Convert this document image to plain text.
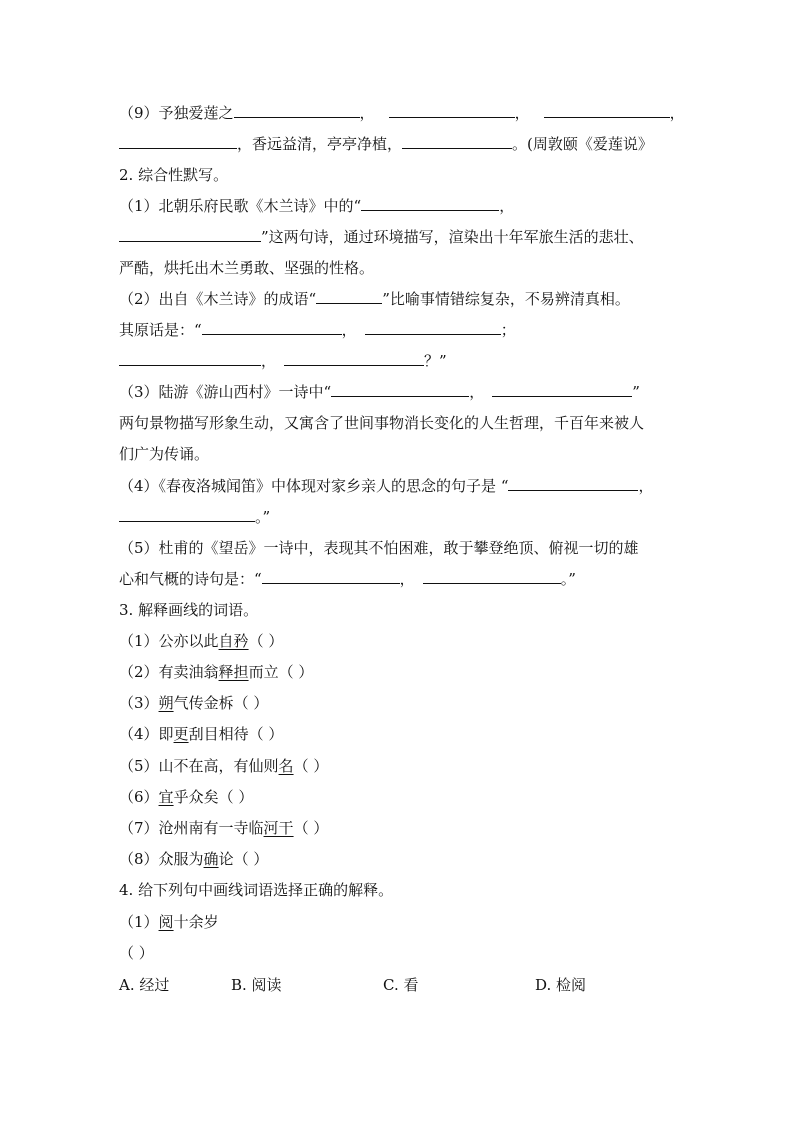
（9）予独爱莲之	，	，	，
，香远益清，亭亭净植，	。(周敦颐《爱莲说》
2. 综合性默写。
（1）北朝乐府民歌《木兰诗》中的“	，
”这两句诗，通过环境描写，渲染出十年军旅生活的悲壮、
严酷，烘托出木兰勇敢、坚强的性格。
（2）出自《木兰诗》的成语“	”比喻事情错综复杂，不易辨清真相。
其原话是：“	，	；
，	？”
（3）陆游《游山西村》一诗中“	，	”
两句景物描写形象生动，又寓含了世间事物消长变化的人生哲理，千百年来被人
们广为传诵。
（4）《春夜洛城闻笛》中体现对家乡亲人的思念的句子是 “	，
。”
（5）杜甫的《望岳》一诗中，表现其不怕困难，敢于攀登绝顶、俯视一切的雄
心和气概的诗句是：“	，	。”
3. 解释画线的词语。
（1）公亦以此自矜（ ）
（2）有卖油翁释担而立（ ）
（3）朔气传金柝（ ）
（4）即更刮目相待（ ）
（5）山不在高，有仙则名（ ）
（6）宜乎众矣（ ）
（7）沧州南有一寺临河干（ ）
（8）众服为确论（ ）
4. 给下列句中画线词语选择正确的解释。
（1）阅十余岁
（ ）
A. 经过	B. 阅读	C. 看	D. 检阅
